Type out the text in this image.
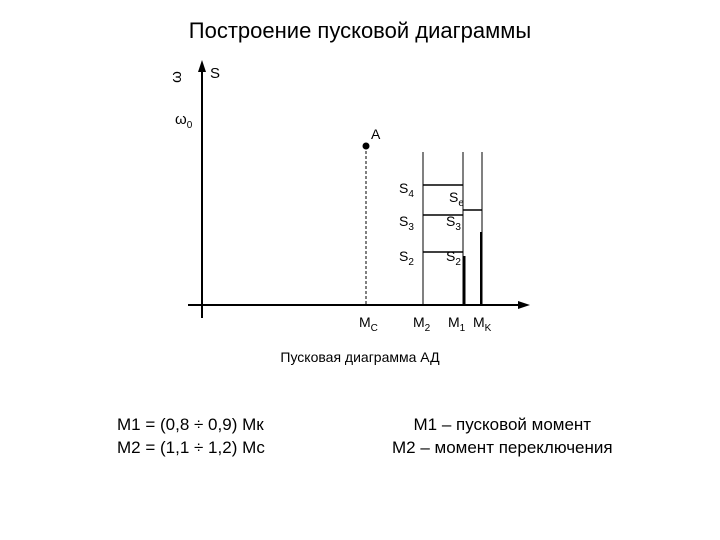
Построение пусковой диаграммы
ω S
$\omega_0$
A
$S_4$	$S_e$
$S_3$ $S_3$
$S_2$ $S_2$
$M_C$	$M_2$ $M_1$ $M_K$
Пусковая диаграмма АД
M1 = (0,8 ÷ 0,9) Мк
M2 = (1,1 ÷ 1,2) Мс
M1 – пусковой момент
M2 – момент переключения
